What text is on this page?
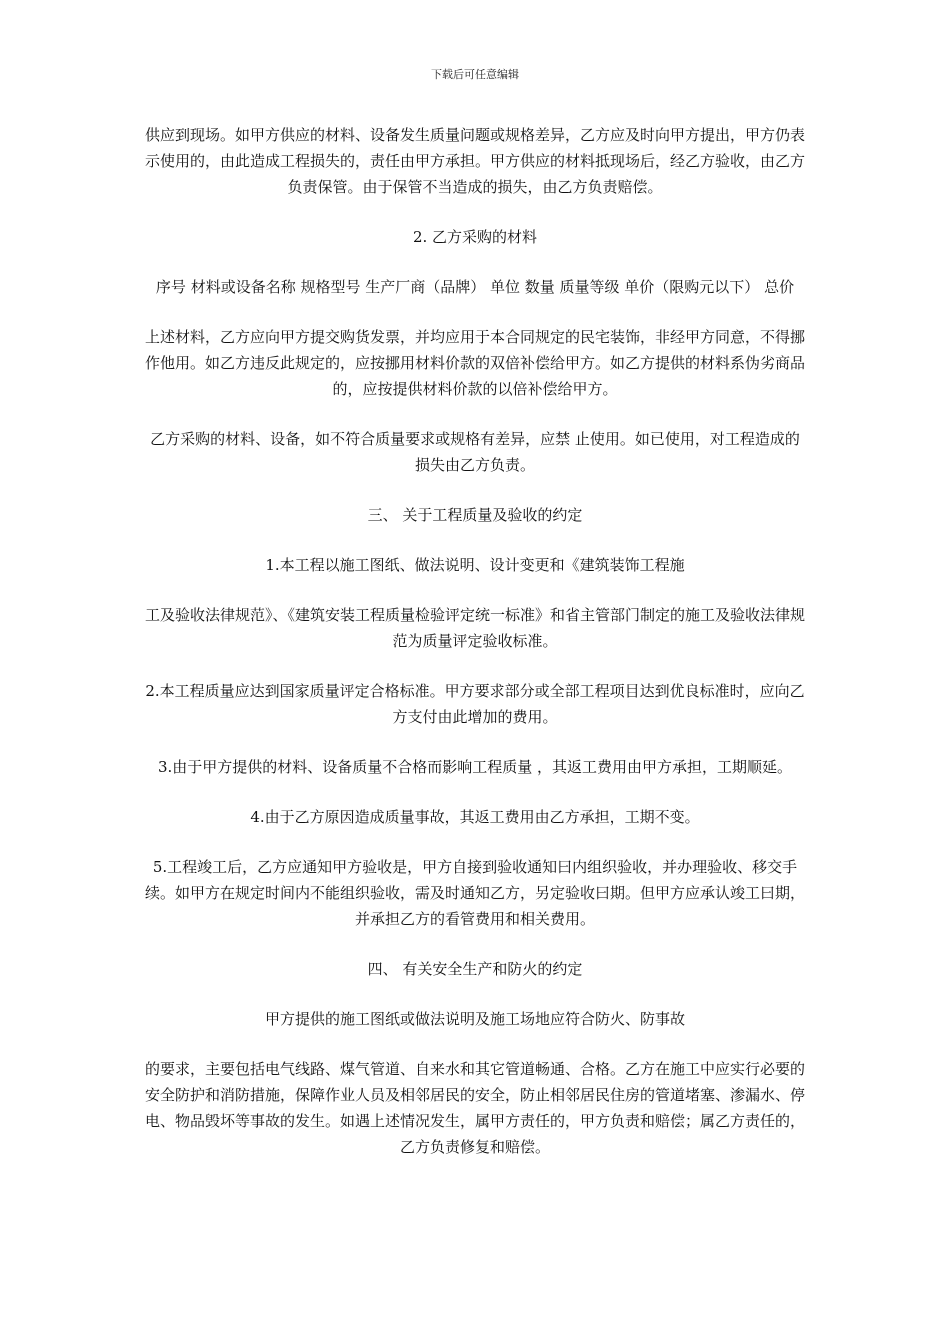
下载后可任意编辑

供应到现场。如甲方供应的材料、设备发生质量问题或规格差异，乙方应及时向甲方提出，甲方仍表示使用的，由此造成工程损失的，责任由甲方承担。甲方供应的材料抵现场后，经乙方验收，由乙方负责保管。由于保管不当造成的损失，由乙方负责赔偿。

2. 乙方采购的材料

序号 材料或设备名称 规格型号 生产厂商（品牌） 单位 数量 质量等级 单价（限购元以下） 总价

上述材料，乙方应向甲方提交购货发票，并均应用于本合同规定的民宅装饰，非经甲方同意，不得挪作他用。如乙方违反此规定的，应按挪用材料价款的双倍补偿给甲方。如乙方提供的材料系伪劣商品的，应按提供材料价款的以倍补偿给甲方。

乙方采购的材料、设备，如不符合质量要求或规格有差异，应禁 止使用。如已使用，对工程造成的损失由乙方负责。

三、 关于工程质量及验收的约定

1.本工程以施工图纸、做法说明、设计变更和《建筑装饰工程施

工及验收法律规范》、《建筑安装工程质量检验评定统一标准》和省主管部门制定的施工及验收法律规范为质量评定验收标准。

2.本工程质量应达到国家质量评定合格标准。甲方要求部分或全部工程项目达到优良标准时，应向乙方支付由此增加的费用。

3.由于甲方提供的材料、设备质量不合格而影响工程质量 ，其返工费用由甲方承担，工期顺延。

4.由于乙方原因造成质量事故，其返工费用由乙方承担，工期不变。

5.工程竣工后，乙方应通知甲方验收是，甲方自接到验收通知曰内组织验收，并办理验收、移交手续。如甲方在规定时间内不能组织验收，需及时通知乙方，另定验收曰期。但甲方应承认竣工曰期，并承担乙方的看管费用和相关费用。

四、 有关安全生产和防火的约定

甲方提供的施工图纸或做法说明及施工场地应符合防火、防事故

的要求，主要包括电气线路、煤气管道、自来水和其它管道畅通、合格。乙方在施工中应实行必要的安全防护和消防措施，保障作业人员及相邻居民的安全，防止相邻居民住房的管道堵塞、渗漏水、停电、物品毁坏等事故的发生。如遇上述情况发生，属甲方责任的，甲方负责和赔偿；属乙方责任的，乙方负责修复和赔偿。
